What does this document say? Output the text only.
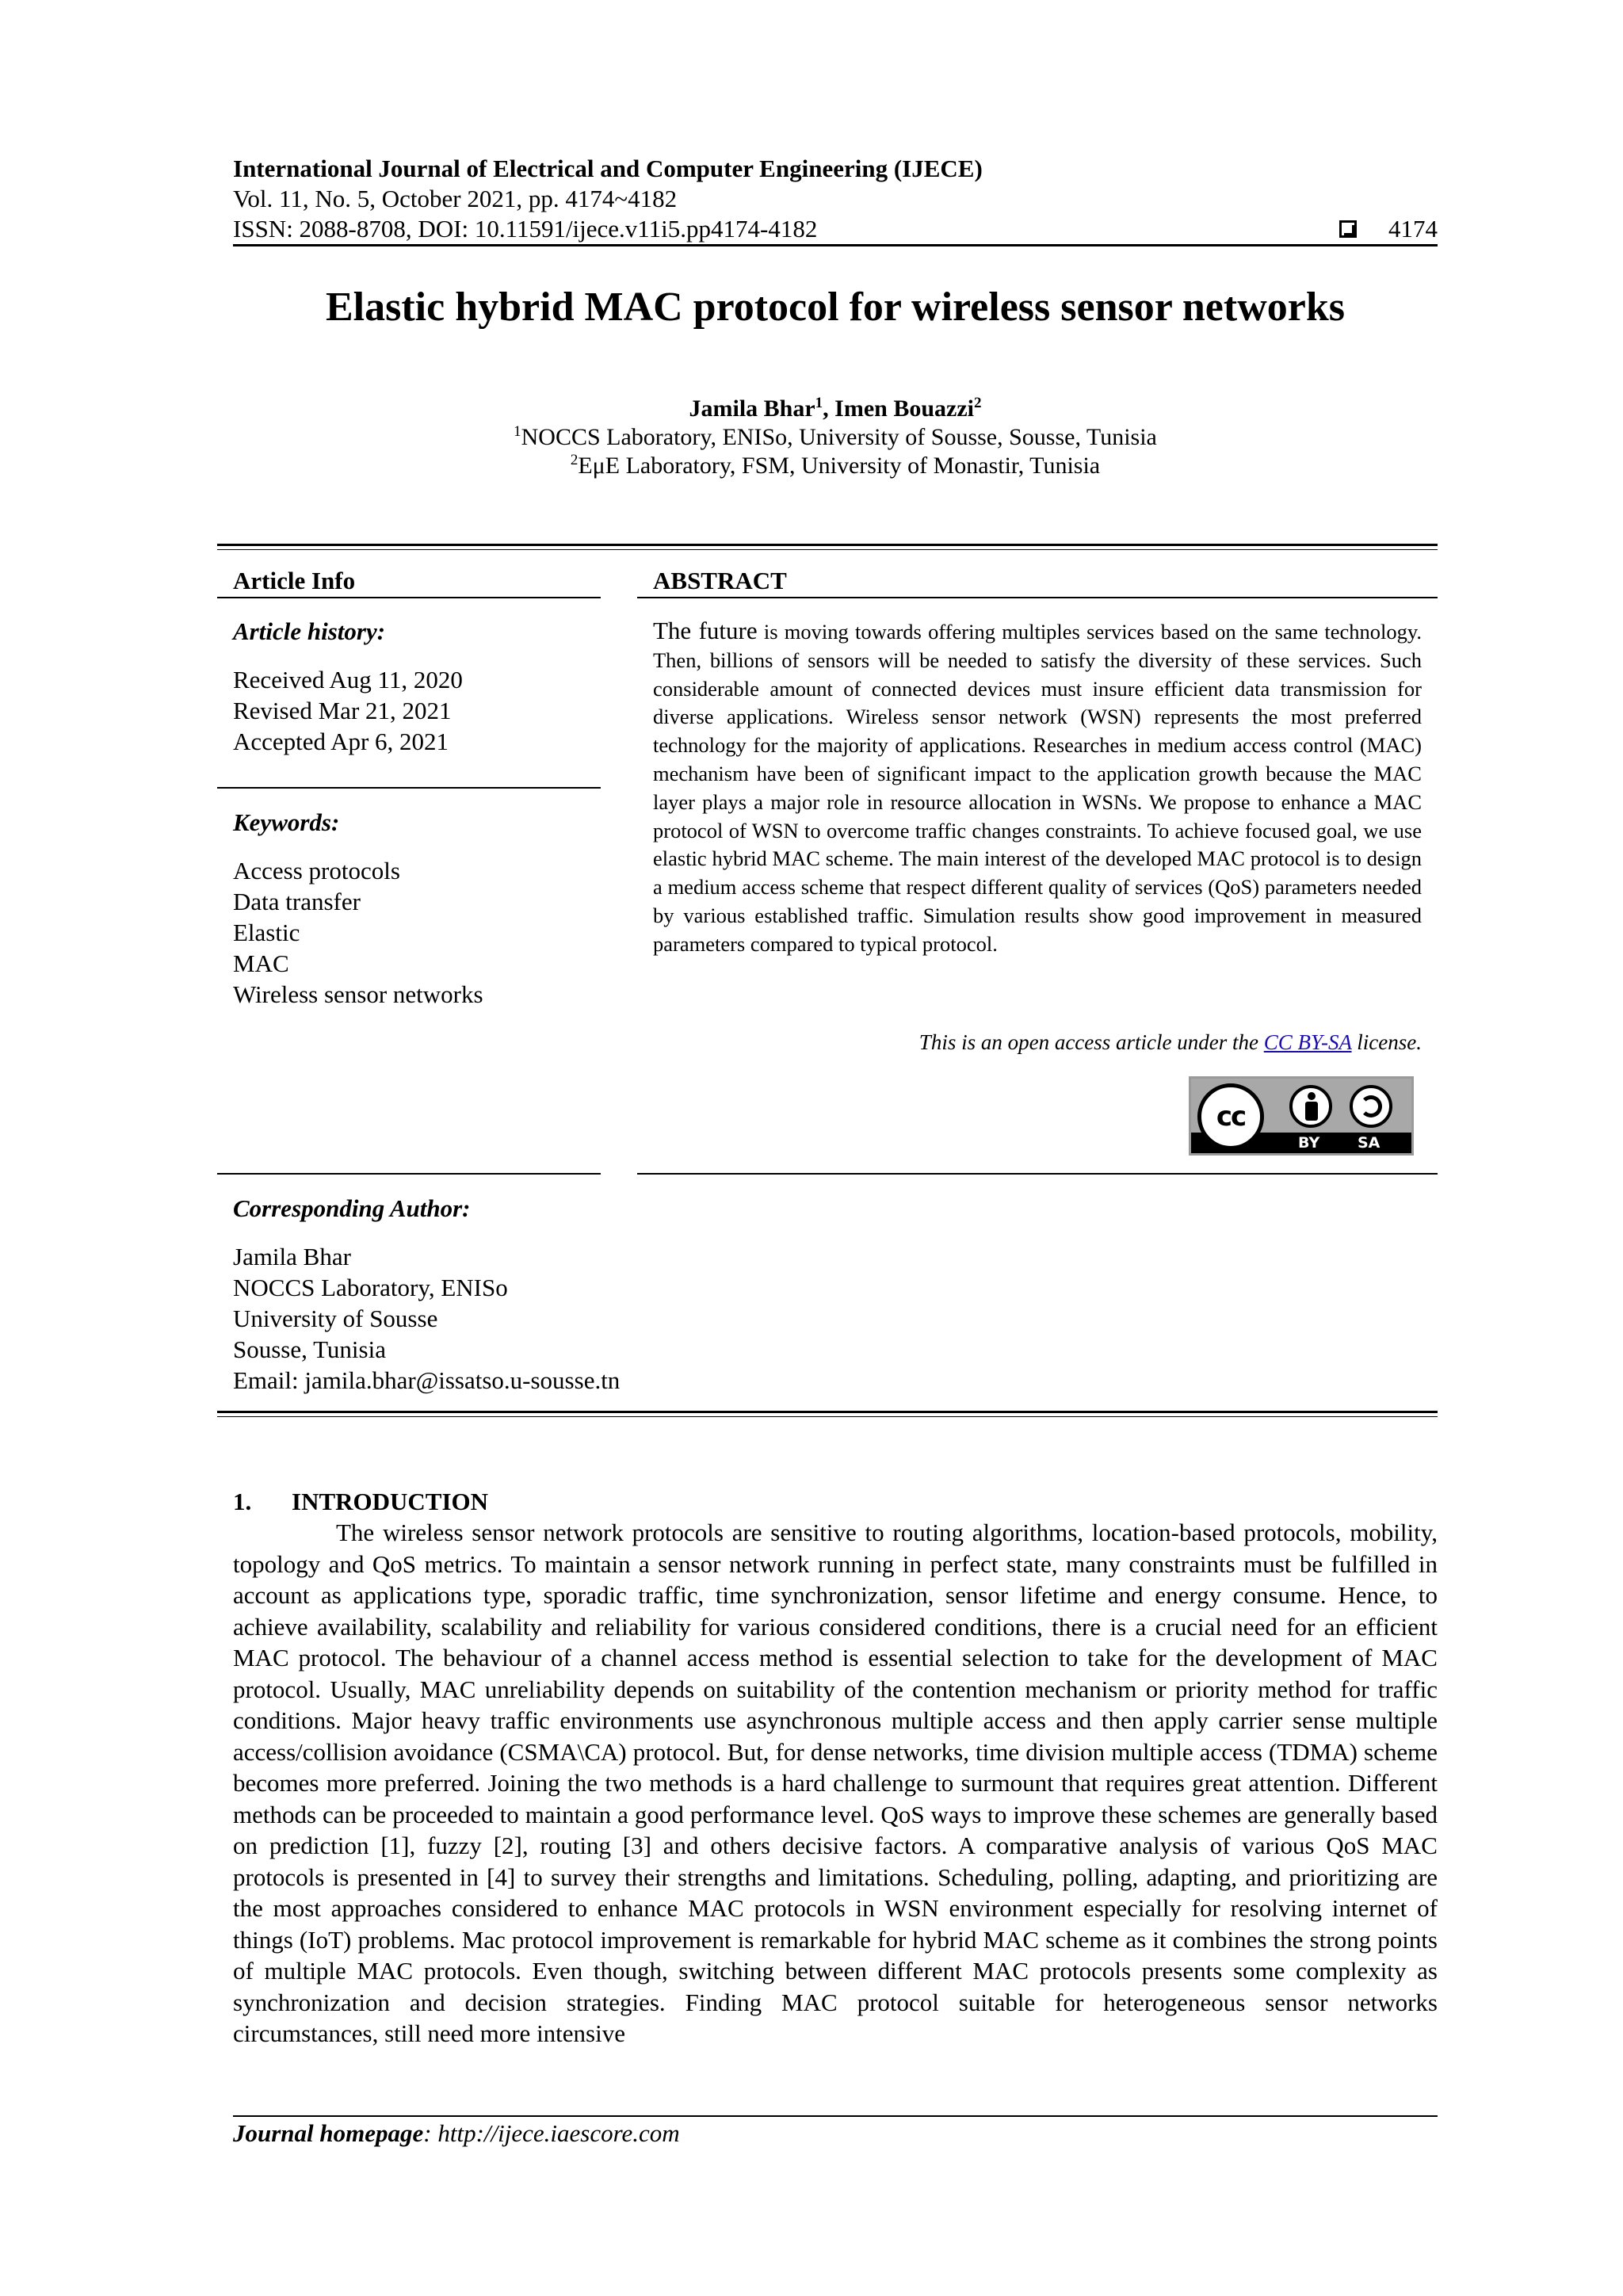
International Journal of Electrical and Computer Engineering (IJECE)
Vol. 11, No. 5, October 2021, pp. 4174~4182
ISSN: 2088-8708, DOI: 10.11591/ijece.v11i5.pp4174-4182	4174
Elastic hybrid MAC protocol for wireless sensor networks
Jamila Bhar$^1$, Imen Bouazzi$^2$
$^1$NOCCS Laboratory, ENISo, University of Sousse, Sousse, Tunisia
$^2$EμE Laboratory, FSM, University of Monastir, Tunisia
Article Info
Article history:
Received Aug 11, 2020
Revised Mar 21, 2021
Accepted Apr 6, 2021
Keywords:
Access protocols
Data transfer
Elastic
MAC
Wireless sensor networks
ABSTRACT
The future is moving towards offering multiples services based on the same technology. Then, billions of sensors will be needed to satisfy the diversity of these services. Such considerable amount of connected devices must insure efficient data transmission for diverse applications. Wireless sensor network (WSN) represents the most preferred technology for the majority of applications. Researches in medium access control (MAC) mechanism have been of significant impact to the application growth because the MAC layer plays a major role in resource allocation in WSNs. We propose to enhance a MAC protocol of WSN to overcome traffic changes constraints. To achieve focused goal, we use elastic hybrid MAC scheme. The main interest of the developed MAC protocol is to design a medium access scheme that respect different quality of services (QoS) parameters needed by various established traffic. Simulation results show good improvement in measured parameters compared to typical protocol.
This is an open access article under the CC BY-SA license.
cc
BY	SA
Corresponding Author:
Jamila Bhar
NOCCS Laboratory, ENISo
University of Sousse
Sousse, Tunisia
Email: jamila.bhar@issatso.u-sousse.tn
1. INTRODUCTION
The wireless sensor network protocols are sensitive to routing algorithms, location-based protocols, mobility, topology and QoS metrics. To maintain a sensor network running in perfect state, many constraints must be fulfilled in account as applications type, sporadic traffic, time synchronization, sensor lifetime and energy consume. Hence, to achieve availability, scalability and reliability for various considered conditions, there is a crucial need for an efficient MAC protocol. The behaviour of a channel access method is essential selection to take for the development of MAC protocol. Usually, MAC unreliability depends on suitability of the contention mechanism or priority method for traffic conditions. Major heavy traffic environments use asynchronous multiple access and then apply carrier sense multiple access/collision avoidance (CSMA\CA) protocol. But, for dense networks, time division multiple access (TDMA) scheme becomes more preferred. Joining the two methods is a hard challenge to surmount that requires great attention. Different methods can be proceeded to maintain a good performance level. QoS ways to improve these schemes are generally based on prediction [1], fuzzy [2], routing [3] and others decisive factors. A comparative analysis of various QoS MAC protocols is presented in [4] to survey their strengths and limitations. Scheduling, polling, adapting, and prioritizing are the most approaches considered to enhance MAC protocols in WSN environment especially for resolving internet of things (IoT) problems. Mac protocol improvement is remarkable for hybrid MAC scheme as it combines the strong points of multiple MAC protocols. Even though, switching between different MAC protocols presents some complexity as synchronization and decision strategies. Finding MAC protocol suitable for heterogeneous sensor networks circumstances, still need more intensive
Journal homepage: http://ijece.iaescore.com
